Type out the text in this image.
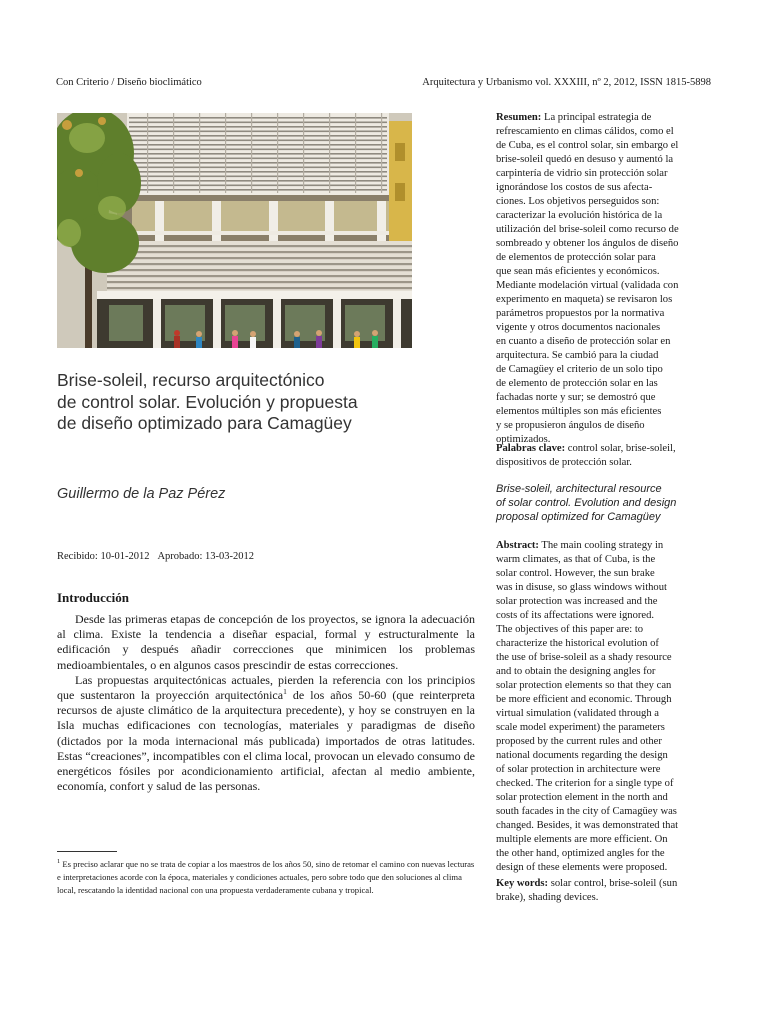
Con Criterio / Diseño bioclimático	Arquitectura y Urbanismo vol. XXXIII, nº 2, 2012, ISSN 1815-5898
Brise-soleil, recurso arquitectónico
de control solar. Evolución y propuesta
de diseño optimizado para Camagüey
Guillermo de la Paz Pérez
Recibido: 10-01-2012 Aprobado: 13-03-2012
Introducción

Desde las primeras etapas de concepción de los proyectos, se ignora la adecuación al clima. Existe la tendencia a diseñar espacial, formal y estructuralmente la edificación y después añadir correcciones que minimicen los problemas medioambientales, o en algunos casos prescindir de estas correcciones.

Las propuestas arquitectónicas actuales, pierden la referencia con los principios que sustentaron la proyección arquitectónica$^1$ de los años 50-60 (que reinterpreta recursos de ajuste climático de la arquitectura precedente), y hoy se construyen en la Isla muchas edificaciones con tecnologías, materiales y paradigmas de diseño (dictados por la moda internacional más publicada) importados de otras latitudes. Estas “creaciones”, incompatibles con el clima local, provocan un elevado consumo de energéticos fósiles por acondicionamiento artificial, afectan al medio ambiente, economía, confort y salud de las personas.

$^1$ Es preciso aclarar que no se trata de copiar a los maestros de los años 50, sino de retomar el camino con nuevas lecturas e interpretaciones acorde con la época, materiales y condiciones actuales, pero sobre todo que den soluciones al clima local, rescatando la identidad nacional con una propuesta verdaderamente cubana y tropical.
Resumen: La principal estrategia de
refrescamiento en climas cálidos, como el
de Cuba, es el control solar, sin embargo el
brise-soleil quedó en desuso y aumentó la
carpintería de vidrio sin protección solar
ignorándose los costos de sus afecta-
ciones. Los objetivos perseguidos son:
caracterizar la evolución histórica de la
utilización del brise-soleil como recurso de
sombreado y obtener los ángulos de diseño
de elementos de protección solar para
que sean más eficientes y económicos.
Mediante modelación virtual (validada con
experimento en maqueta) se revisaron los
parámetros propuestos por la normativa
vigente y otros documentos nacionales
en cuanto a diseño de protección solar en
arquitectura. Se cambió para la ciudad
de Camagüey el criterio de un solo tipo
de elemento de protección solar en las
fachadas norte y sur; se demostró que
elementos múltiples son más eficientes
y se propusieron ángulos de diseño
optimizados.
Palabras clave: control solar, brise-soleil,
dispositivos de protección solar.
Brise-soleil, architectural resource
of solar control. Evolution and design
proposal optimized for Camagüey
Abstract: The main cooling strategy in
warm climates, as that of Cuba, is the
solar control. However, the sun brake
was in disuse, so glass windows without
solar protection was increased and the
costs of its affectations were ignored.
The objectives of this paper are: to
characterize the historical evolution of
the use of brise-soleil as a shady resource
and to obtain the designing angles for
solar protection elements so that they can
be more efficient and economic. Through
virtual simulation (validated through a
scale model experiment) the parameters
proposed by the current rules and other
national documents regarding the design
of solar protection in architecture were
checked. The criterion for a single type of
solar protection element in the north and
south facades in the city of Camagüey was
changed. Besides, it was demonstrated that
multiple elements are more efficient. On
the other hand, optimized angles for the
design of these elements were proposed.
Key words: solar control, brise-soleil (sun
brake), shading devices.
